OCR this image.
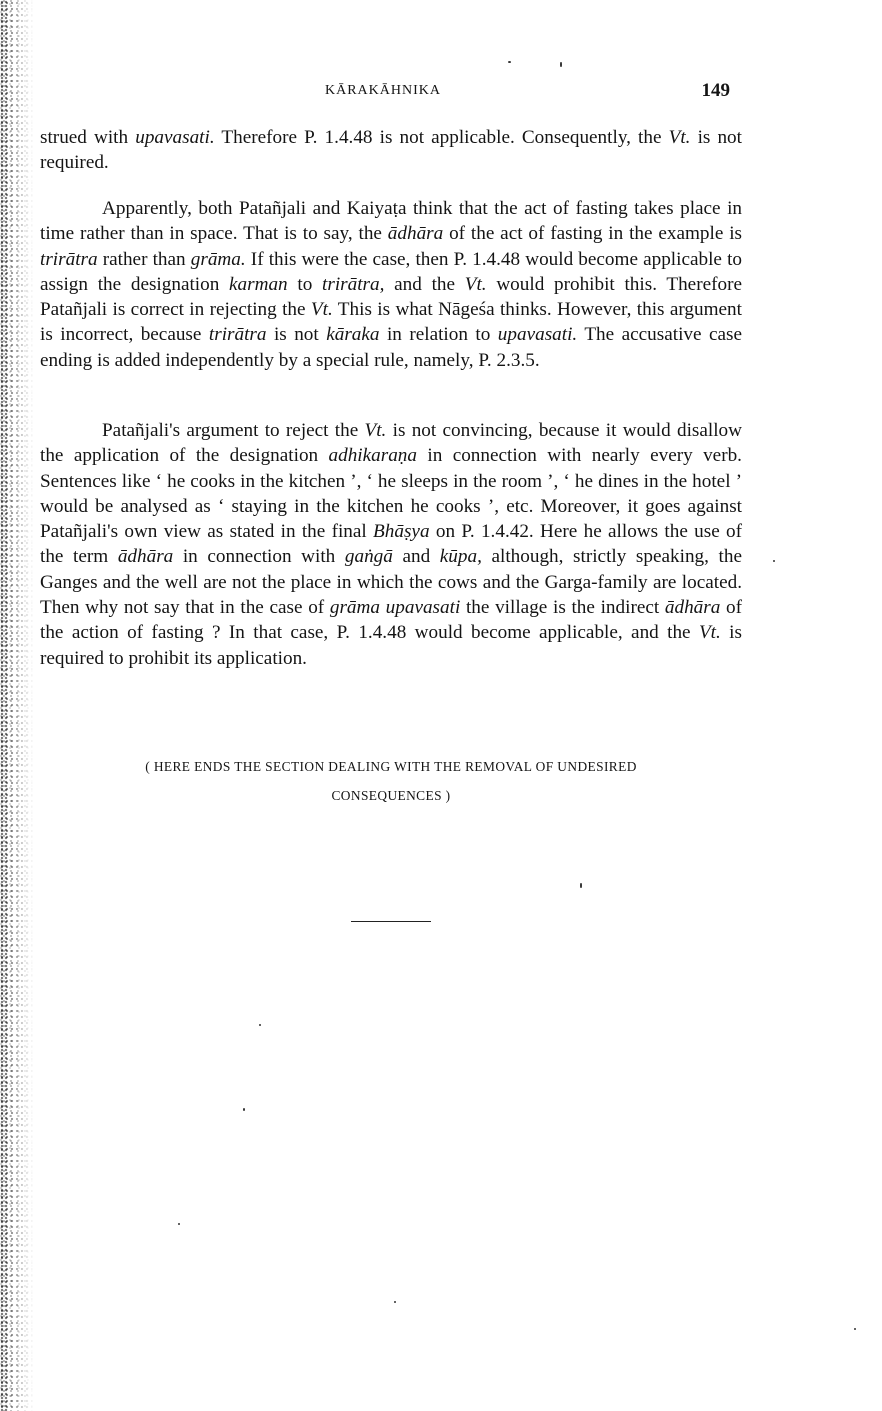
KĀRAKĀHNIKA	149

strued with upavasati. Therefore P. 1.4.48 is not applicable. Consequently, the Vt. is not required.

Apparently, both Patañjali and Kaiyaṭa think that the act of fasting takes place in time rather than in space. That is to say, the ādhāra of the act of fasting in the example is trirātra rather than grāma. If this were the case, then P. 1.4.48 would become applicable to assign the designation karman to trirātra, and the Vt. would prohibit this. Therefore Patañjali is correct in rejecting the Vt. This is what Nāgeśa thinks. However, this argument is incorrect, because trirātra is not kāraka in relation to upavasati. The accusative case ending is added independently by a special rule, namely, P. 2.3.5.

Patañjali's argument to reject the Vt. is not convincing, because it would disallow the application of the designation adhikaraṇa in connection with nearly every verb. Sentences like ‘ he cooks in the kitchen ’, ‘ he sleeps in the room ’, ‘ he dines in the hotel ’ would be analysed as ‘ staying in the kitchen he cooks ’, etc. Moreover, it goes against Patañjali's own view as stated in the final Bhāṣya on P. 1.4.42. Here he allows the use of the term ādhāra in connection with gaṅgā and kūpa, although, strictly speaking, the Ganges and the well are not the place in which the cows and the Garga-family are located. Then why not say that in the case of grāma upavasati the village is the indirect ādhāra of the action of fasting ? In that case, P. 1.4.48 would become applicable, and the Vt. is required to prohibit its application.

( HERE ENDS THE SECTION DEALING WITH THE REMOVAL OF UNDESIRED
CONSEQUENCES )
